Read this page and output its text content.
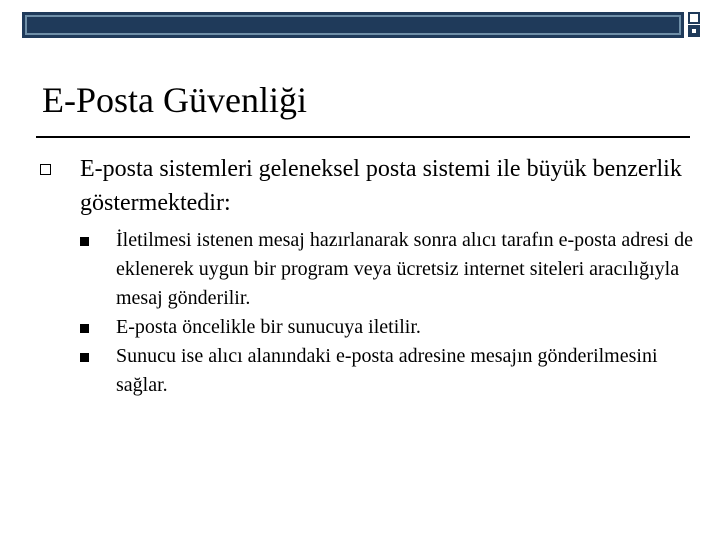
E-Posta Güvenliği
E-posta sistemleri geleneksel posta sistemi ile büyük benzerlik göstermektedir:
İletilmesi istenen mesaj hazırlanarak sonra alıcı tarafın e-posta adresi de eklenerek uygun bir program veya ücretsiz internet siteleri aracılığıyla mesaj gönderilir.
E-posta öncelikle bir sunucuya iletilir.
Sunucu ise alıcı alanındaki e-posta adresine mesajın gönderilmesini sağlar.
